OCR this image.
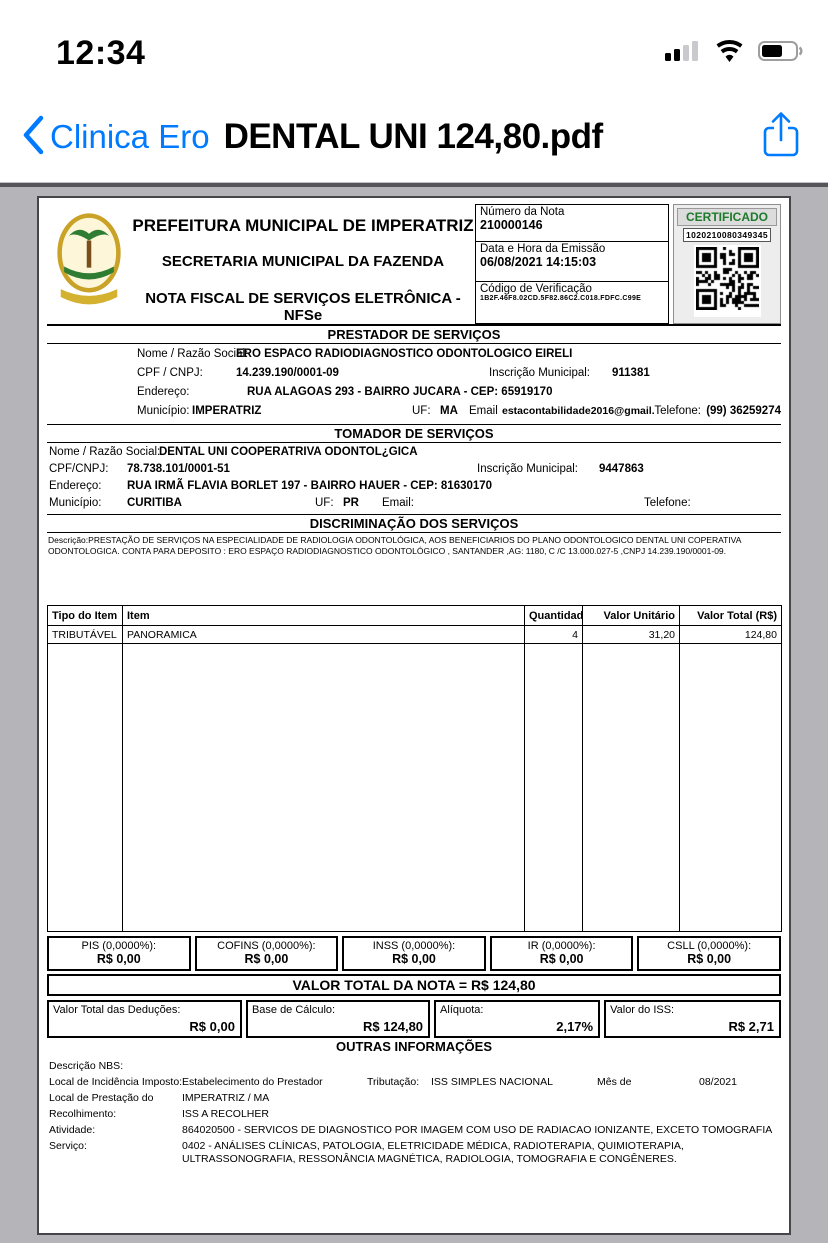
12:34
Clinica Ero DENTAL UNI 124,80.pdf
PREFEITURA MUNICIPAL DE IMPERATRIZ
SECRETARIA MUNICIPAL DA FAZENDA
NOTA FISCAL DE SERVIÇOS ELETRÔNICA - NFSe
Número da Nota
210000146
Data e Hora da Emissão
06/08/2021 14:15:03
Código de Verificação
1B2F.46F8.02CD.5F82.86C2.C018.FDFC.C99E
CERTIFICADO
1020210080349345
PRESTADOR DE SERVIÇOS
Nome / Razão Social:
ERO ESPACO RADIODIAGNOSTICO ODONTOLOGICO EIRELI
CPF / CNPJ:	14.239.190/0001-09	Inscrição Municipal: 911381
Endereço:	RUA ALAGOAS 293 - BAIRRO JUCARA - CEP: 65919170
Município: IMPERATRIZ	UF: MA Email estacontabilidade2016@gmail. Telefone: (99) 36259274
TOMADOR DE SERVIÇOS
Nome / Razão Social:
DENTAL UNI COOPERATRIVA ODONTOL¿GICA
CPF/CNPJ: 78.738.101/0001-51	Inscrição Municipal: 9447863
Endereço: RUA IRMÃ FLAVIA BORLET 197 - BAIRRO HAUER - CEP: 81630170
Município: CURITIBA	UF: PR Email:	Telefone:
DISCRIMINAÇÃO DOS SERVIÇOS
Descrição:PRESTAÇÃO DE SERVIÇOS NA ESPECIALIDADE DE RADIOLOGIA ODONTOLÓGICA, AOS BENEFICIARIOS DO PLANO ODONTOLOGICO DENTAL UNI COPERATIVA ODONTOLOGICA. CONTA PARA DEPOSITO : ERO ESPAÇO RADIODIAGNOSTICO ODONTOLÓGICO , SANTANDER ,AG: 1180, C /C 13.000.027-5 ,CNPJ 14.239.190/0001-09.
Tipo do Item	Item	Quantidad	Valor Unitário	Valor Total (R$)
TRIBUTÁVEL	PANORAMICA	4	31,20	124,80

PIS (0,0000%):
R$ 0,00
COFINS (0,0000%):
R$ 0,00
INSS (0,0000%):
R$ 0,00
IR (0,0000%):
R$ 0,00
CSLL (0,0000%):
R$ 0,00
VALOR TOTAL DA NOTA = R$ 124,80
Valor Total das Deduções:
R$ 0,00
Base de Cálculo:
R$ 124,80
Alíquota:
2,17%
Valor do ISS:
R$ 2,71
OUTRAS INFORMAÇÕES
Descrição NBS:
Local de Incidência Imposto: Estabelecimento do Prestador	Tributação: ISS SIMPLES NACIONAL	Mês de	08/2021
Local de Prestação do	IMPERATRIZ / MA
Recolhimento:	ISS A RECOLHER
Atividade:	864020500 - SERVICOS DE DIAGNOSTICO POR IMAGEM COM USO DE RADIACAO IONIZANTE, EXCETO TOMOGRAFIA
Serviço:	0402 - ANÁLISES CLÍNICAS, PATOLOGIA, ELETRICIDADE MÉDICA, RADIOTERAPIA, QUIMIOTERAPIA, ULTRASSONOGRAFIA, RESSONÂNCIA MAGNÉTICA, RADIOLOGIA, TOMOGRAFIA E CONGÊNERES.
